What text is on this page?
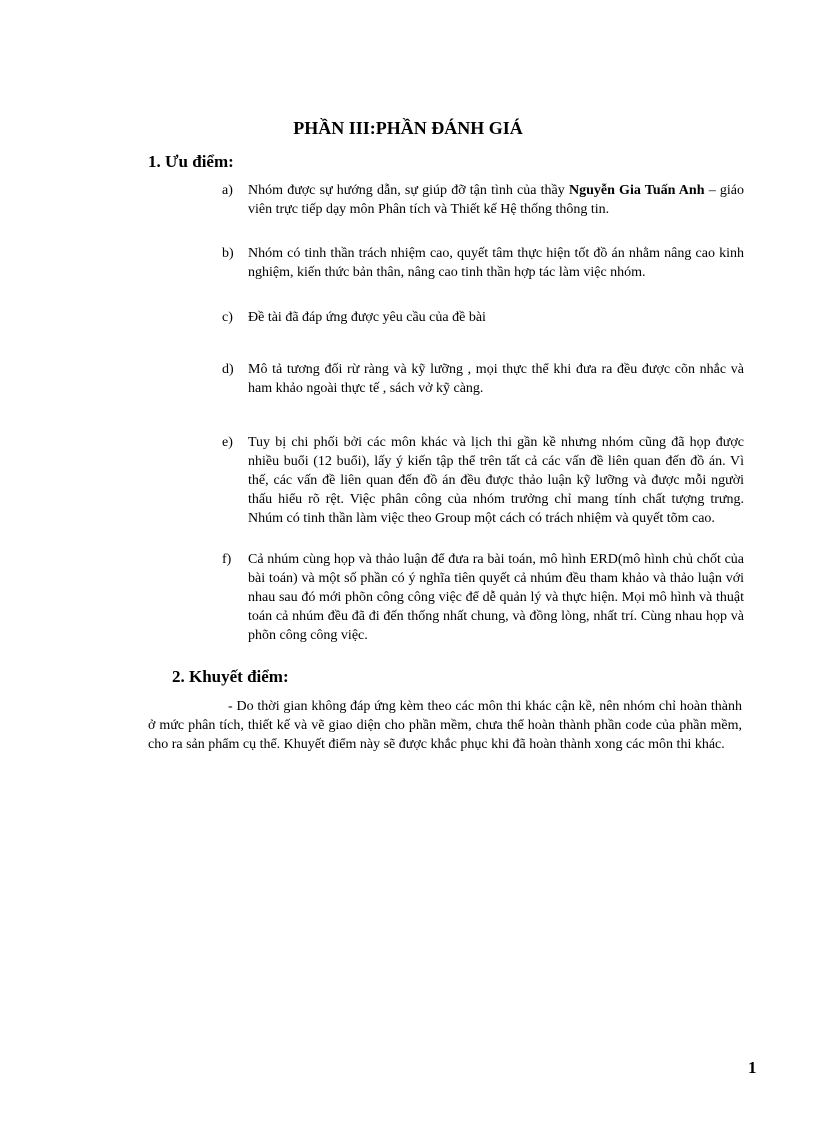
PHẦN III:PHẦN ĐÁNH GIÁ
1. Ưu điểm:
a) Nhóm được sự hướng dẫn, sự giúp đỡ tận tình của thầy Nguyễn Gia Tuấn Anh – giáo viên trực tiếp dạy môn Phân tích và Thiết kế Hệ thống thông tin.
b) Nhóm có tinh thần trách nhiệm cao, quyết tâm thực hiện tốt đồ án nhằm nâng cao kinh nghiệm, kiến thức bản thân, nâng cao tinh thần hợp tác làm việc nhóm.
c) Đề tài đã đáp ứng được yêu cầu của đề bài
d) Mô tả tương đối rừ ràng và kỹ lưỡng , mọi thực thể khi đưa ra đều được cõn nhắc và ham khảo ngoài thực tế , sách vở kỹ càng.
e) Tuy bị chi phối bởi các môn khác và lịch thi gần kề nhưng nhóm cũng đã họp được nhiều buổi (12 buổi), lấy ý kiến tập thể trên tất cả các vấn đề liên quan đến đồ án. Vì thế, các vấn đề liên quan đến đồ án đều được thảo luận kỹ lưỡng và được mỗi người thấu hiểu rõ rệt. Việc phân công của nhóm trưởng chỉ mang tính chất tượng trưng. Nhúm có tinh thần làm việc theo Group một cách có trách nhiệm và quyết tõm cao.
f) Cả nhúm cùng họp và thảo luận để đưa ra bài toán, mô hình ERD(mô hình chủ chốt của bài toán) và một số phần có ý nghĩa tiên quyết cả nhúm đều tham khảo và thảo luận với nhau sau đó mới phõn công công việc để dễ quản lý và thực hiện. Mọi mô hình và thuật toán cả nhúm đều đã đi đến thống nhất chung, và đồng lòng, nhất trí. Cùng nhau họp và phõn công công việc.
2. Khuyết điểm:

- Do thời gian không đáp ứng kèm theo các môn thi khác cận kề, nên nhóm chỉ hoàn thành ở mức phân tích, thiết kế và vẽ giao diện cho phần mềm, chưa thể hoàn thành phần code của phần mềm, cho ra sản phẩm cụ thể. Khuyết điểm này sẽ được khắc phục khi đã hoàn thành xong các môn thi khác.

1
